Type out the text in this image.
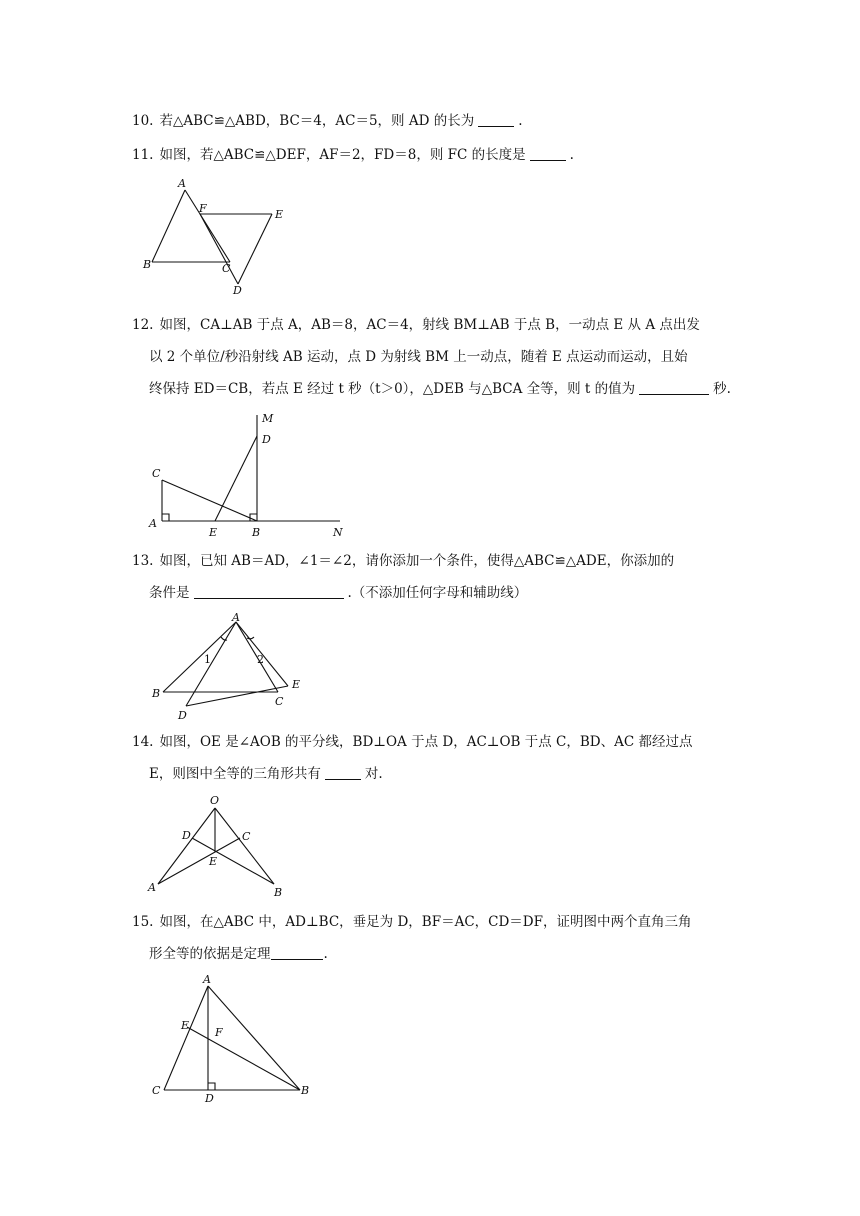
10. 若△ABC≌△ABD，BC＝4，AC＝5，则 AD 的长为	.
11. 如图，若△ABC≌△DEF，AF＝2，FD＝8，则 FC 的长度是	.
A
F	E
B	C
D
12. 如图，CA⊥AB 于点 A，AB＝8，AC＝4，射线 BM⊥AB 于点 B，一动点 E 从 A 点出发
以 2 个单位/秒沿射线 AB 运动，点 D 为射线 BM 上一动点，随着 E 点运动而运动，且始
终保持 ED＝CB，若点 E 经过 t 秒（t＞0），△DEB 与△BCA 全等，则 t 的值为	秒.
M
D
C
A
E	B	N
13. 如图，已知 AB＝AD，∠1＝∠2，请你添加一个条件，使得△ABC≌△ADE，你添加的
条件是	.（不添加任何字母和辅助线）
A
1	2
B
E
C
D
14. 如图，OE 是∠AOB 的平分线，BD⊥OA 于点 D，AC⊥OB 于点 C，BD、AC 都经过点
E，则图中全等的三角形共有	对.
O
D	C
E
A	B
15. 如图，在△ABC 中，AD⊥BC，垂足为 D，BF＝AC，CD＝DF，证明图中两个直角三角
形全等的依据是定理	.
A
E
F
C
D
B
